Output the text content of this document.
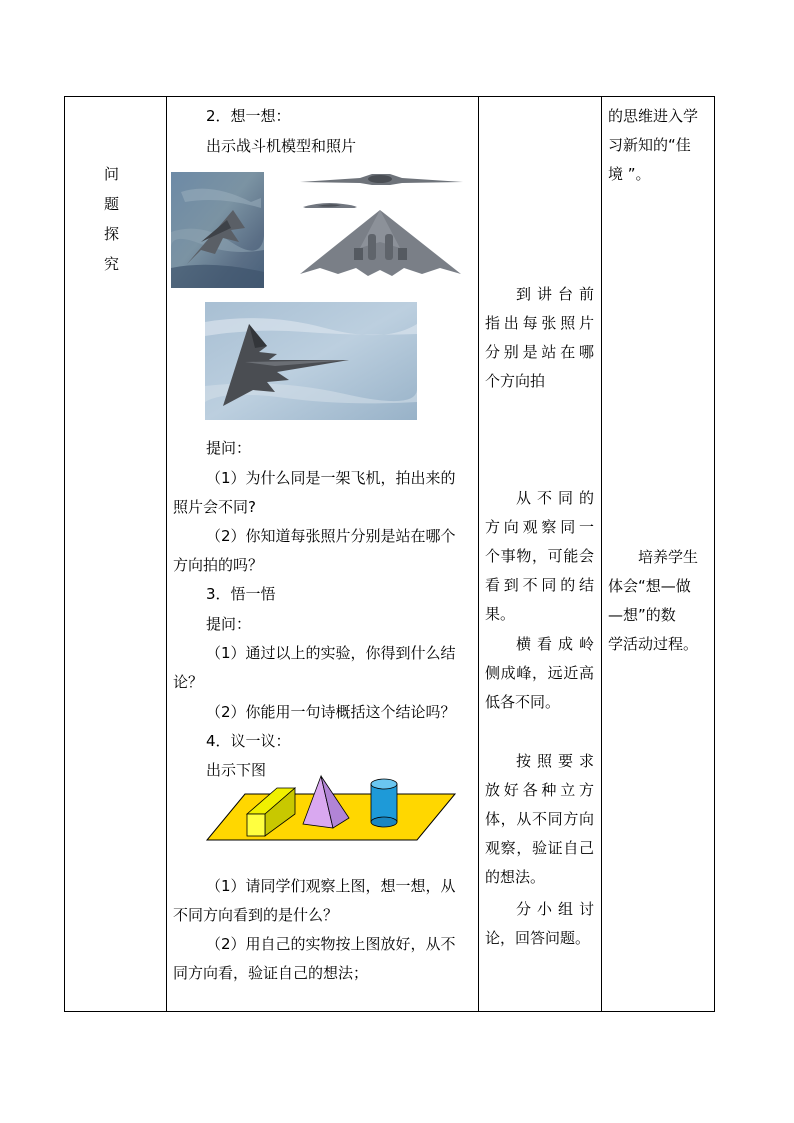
问
题
探
究
2．想一想：
出示战斗机模型和照片
提问：
（1）为什么同是一架飞机，拍出来的
照片会不同?
（2）你知道每张照片分别是站在哪个
方向拍的吗？
3．悟一悟
提问：
（1）通过以上的实验，你得到什么结
论？
（2）你能用一句诗概括这个结论吗？
4．议一议：
出示下图
（1）请同学们观察上图，想一想，从
不同方向看到的是什么？
（2）用自己的实物按上图放好，从不
同方向看，验证自己的想法；
到讲台前
指出每张照片
分别是站在哪
个方向拍
从不同的
方向观察同一
个事物，可能会
看到不同的结
果。
横看成岭
侧成峰，远近高
低各不同。
按照要求
放好各种立方
体，从不同方向
观察，验证自己
的想法。
分小组讨
论，回答问题。
的思维进入学
习新知的“佳
境 ”。
培养学生
体会“想—做
—想”的数
学活动过程。
